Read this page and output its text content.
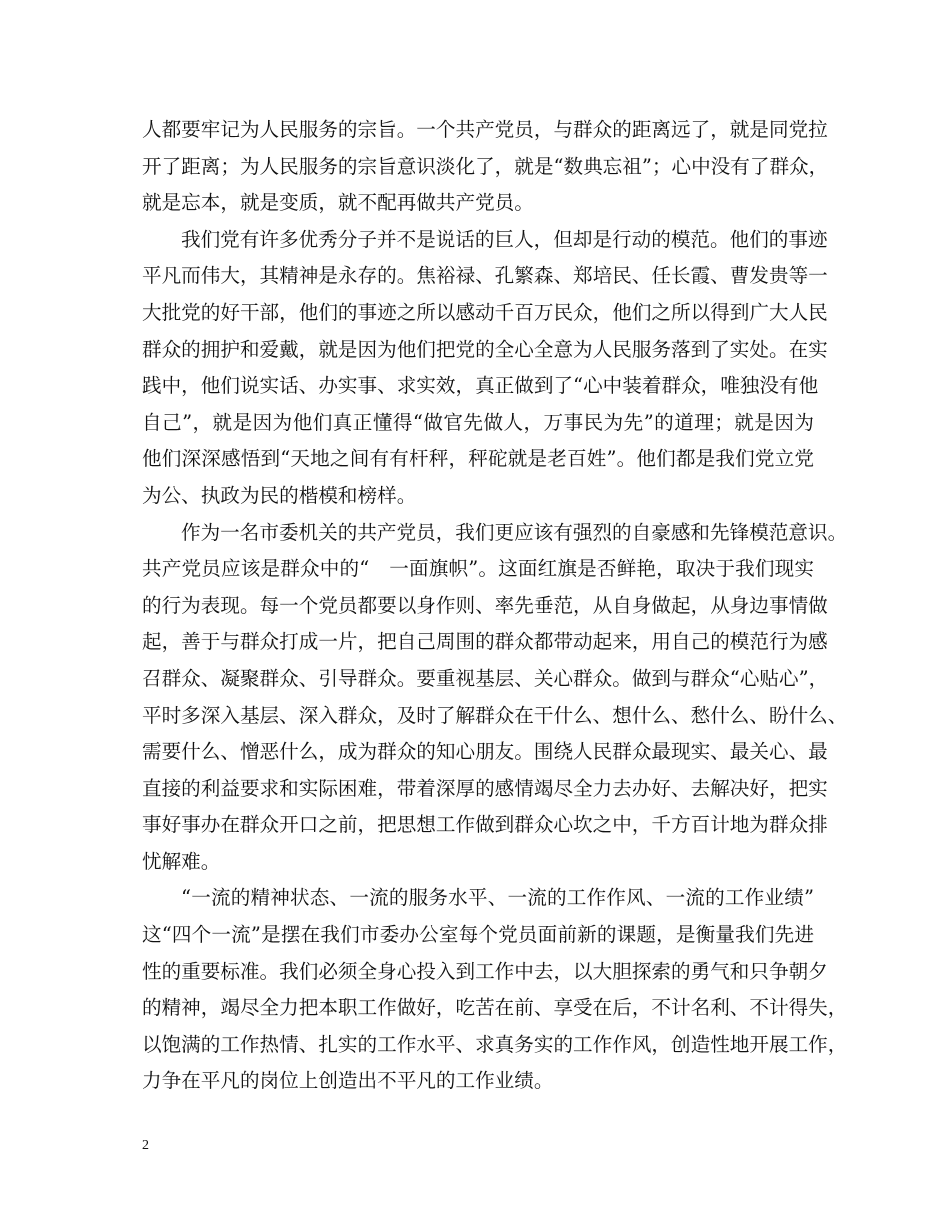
人都要牢记为人民服务的宗旨。一个共产党员，与群众的距离远了，就是同党拉
开了距离；为人民服务的宗旨意识淡化了，就是“数典忘祖”；心中没有了群众，
就是忘本，就是变质，就不配再做共产党员。
我们党有许多优秀分子并不是说话的巨人，但却是行动的模范。他们的事迹
平凡而伟大，其精神是永存的。焦裕禄、孔繁森、郑培民、任长霞、曹发贵等一
大批党的好干部，他们的事迹之所以感动千百万民众，他们之所以得到广大人民
群众的拥护和爱戴，就是因为他们把党的全心全意为人民服务落到了实处。在实
践中，他们说实话、办实事、求实效，真正做到了“心中装着群众，唯独没有他
自己”，就是因为他们真正懂得“做官先做人，万事民为先”的道理；就是因为
他们深深感悟到“天地之间有有杆秤，秤砣就是老百姓”。他们都是我们党立党
为公、执政为民的楷模和榜样。
作为一名市委机关的共产党员，我们更应该有强烈的自豪感和先锋模范意识。
共产党员应该是群众中的“　一面旗帜”。这面红旗是否鲜艳，取决于我们现实
的行为表现。每一个党员都要以身作则、率先垂范，从自身做起，从身边事情做
起，善于与群众打成一片，把自己周围的群众都带动起来，用自己的模范行为感
召群众、凝聚群众、引导群众。要重视基层、关心群众。做到与群众“心贴心”，
平时多深入基层、深入群众，及时了解群众在干什么、想什么、愁什么、盼什么、
需要什么、憎恶什么，成为群众的知心朋友。围绕人民群众最现实、最关心、最
直接的利益要求和实际困难，带着深厚的感情竭尽全力去办好、去解决好，把实
事好事办在群众开口之前，把思想工作做到群众心坎之中，千方百计地为群众排
忧解难。
“一流的精神状态、一流的服务水平、一流的工作作风、一流的工作业绩”
这“四个一流”是摆在我们市委办公室每个党员面前新的课题，是衡量我们先进
性的重要标准。我们必须全身心投入到工作中去，以大胆探索的勇气和只争朝夕
的精神，竭尽全力把本职工作做好，吃苦在前、享受在后，不计名利、不计得失，
以饱满的工作热情、扎实的工作水平、求真务实的工作作风，创造性地开展工作，
力争在平凡的岗位上创造出不平凡的工作业绩。
2
